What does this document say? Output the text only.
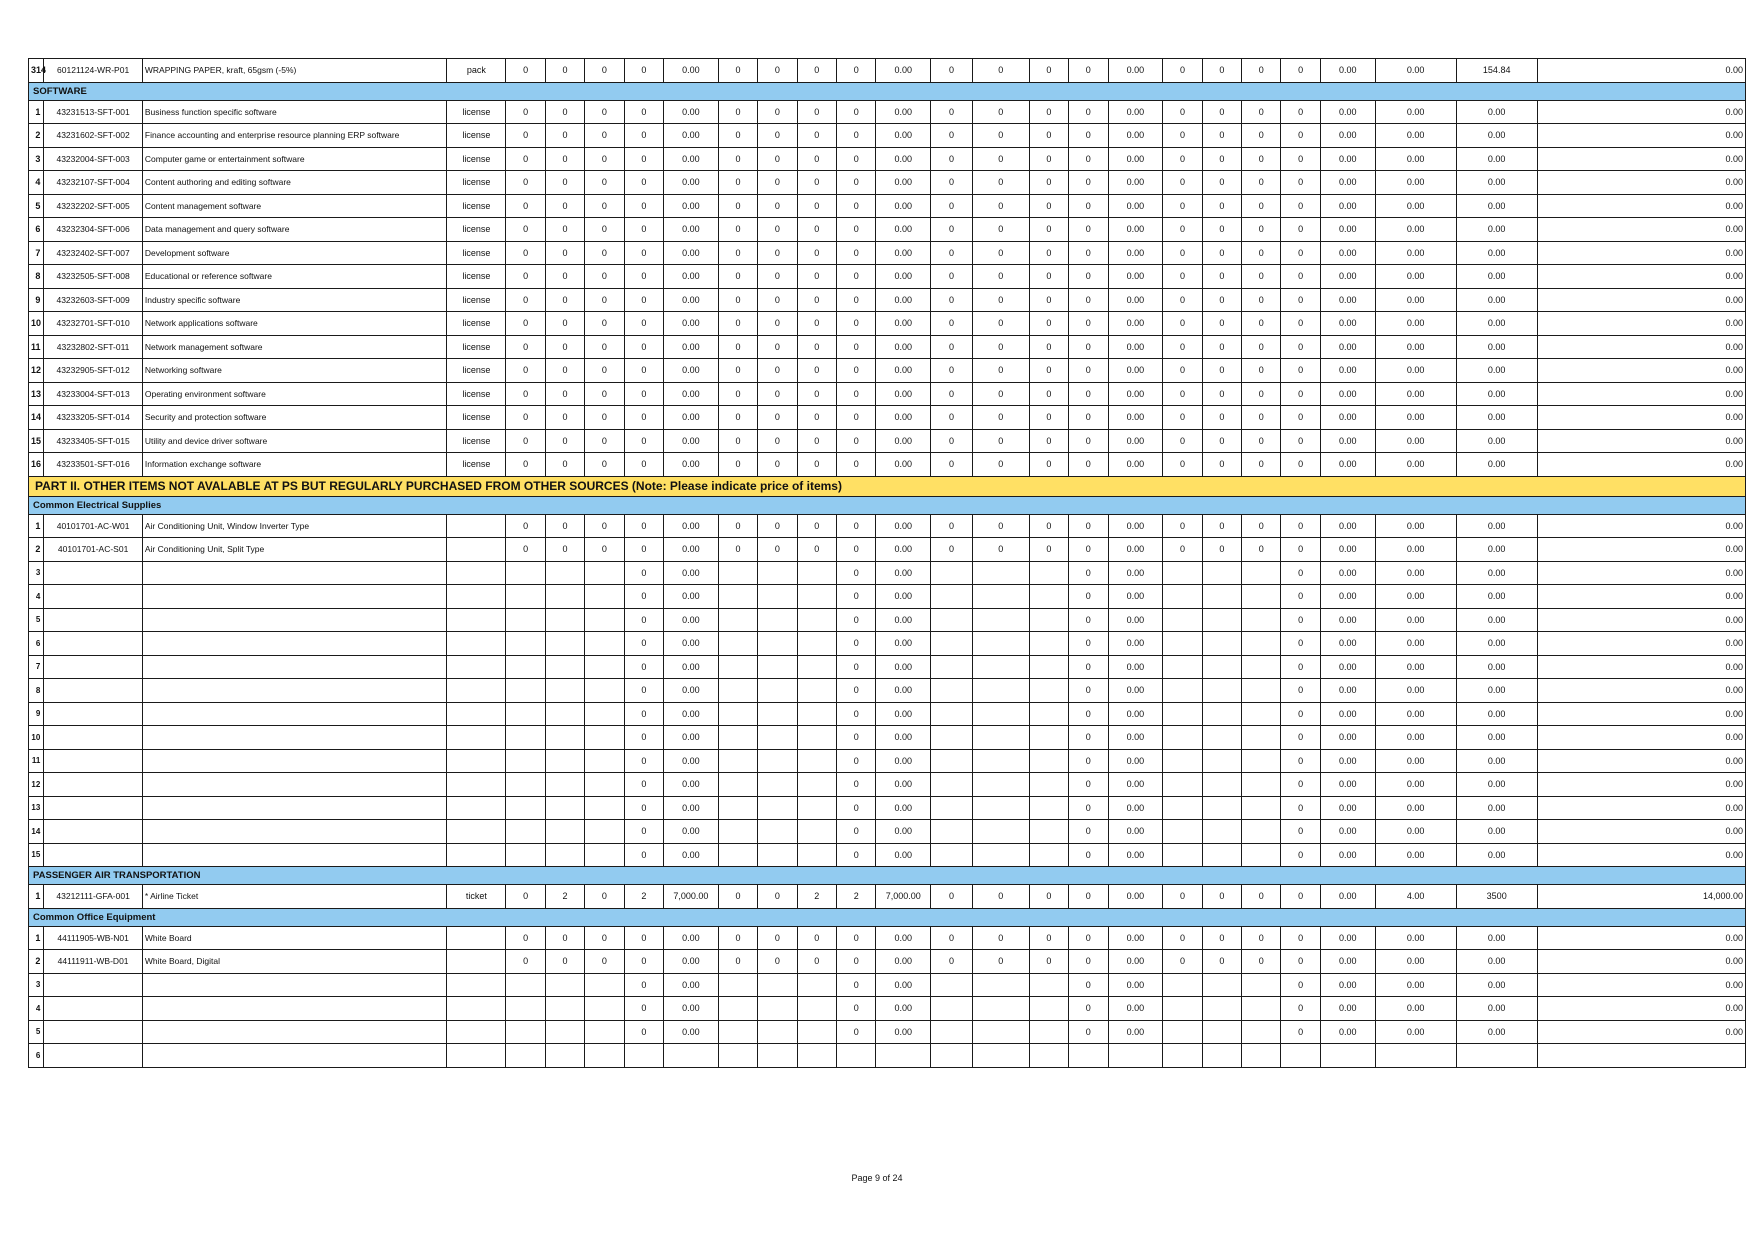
314	60121124-WR-P01	WRAPPING PAPER, kraft, 65gsm (-5%)	pack	0	0	0	0	0.00	0	0	0	0	0.00	0	0	0	0	0.00	0	0	0	0	0.00	0.00	154.84	0.00
SOFTWARE																										
1	43231513-SFT-001	Business function specific software	license	0	0	0	0	0.00	0	0	0	0	0.00	0	0	0	0	0.00	0	0	0	0	0.00	0.00	0.00	0.00
2	43231602-SFT-002	Finance accounting and enterprise resource planning ERP software	license	0	0	0	0	0.00	0	0	0	0	0.00	0	0	0	0	0.00	0	0	0	0	0.00	0.00	0.00	0.00
3	43232004-SFT-003	Computer game or entertainment software	license	0	0	0	0	0.00	0	0	0	0	0.00	0	0	0	0	0.00	0	0	0	0	0.00	0.00	0.00	0.00
4	43232107-SFT-004	Content authoring and editing software	license	0	0	0	0	0.00	0	0	0	0	0.00	0	0	0	0	0.00	0	0	0	0	0.00	0.00	0.00	0.00
5	43232202-SFT-005	Content management software	license	0	0	0	0	0.00	0	0	0	0	0.00	0	0	0	0	0.00	0	0	0	0	0.00	0.00	0.00	0.00
6	43232304-SFT-006	Data management and query software	license	0	0	0	0	0.00	0	0	0	0	0.00	0	0	0	0	0.00	0	0	0	0	0.00	0.00	0.00	0.00
7	43232402-SFT-007	Development software	license	0	0	0	0	0.00	0	0	0	0	0.00	0	0	0	0	0.00	0	0	0	0	0.00	0.00	0.00	0.00
8	43232505-SFT-008	Educational or reference software	license	0	0	0	0	0.00	0	0	0	0	0.00	0	0	0	0	0.00	0	0	0	0	0.00	0.00	0.00	0.00
9	43232603-SFT-009	Industry specific software	license	0	0	0	0	0.00	0	0	0	0	0.00	0	0	0	0	0.00	0	0	0	0	0.00	0.00	0.00	0.00
10	43232701-SFT-010	Network applications software	license	0	0	0	0	0.00	0	0	0	0	0.00	0	0	0	0	0.00	0	0	0	0	0.00	0.00	0.00	0.00
11	43232802-SFT-011	Network management software	license	0	0	0	0	0.00	0	0	0	0	0.00	0	0	0	0	0.00	0	0	0	0	0.00	0.00	0.00	0.00
12	43232905-SFT-012	Networking software	license	0	0	0	0	0.00	0	0	0	0	0.00	0	0	0	0	0.00	0	0	0	0	0.00	0.00	0.00	0.00
13	43233004-SFT-013	Operating environment software	license	0	0	0	0	0.00	0	0	0	0	0.00	0	0	0	0	0.00	0	0	0	0	0.00	0.00	0.00	0.00
14	43233205-SFT-014	Security and protection software	license	0	0	0	0	0.00	0	0	0	0	0.00	0	0	0	0	0.00	0	0	0	0	0.00	0.00	0.00	0.00
15	43233405-SFT-015	Utility and device driver software	license	0	0	0	0	0.00	0	0	0	0	0.00	0	0	0	0	0.00	0	0	0	0	0.00	0.00	0.00	0.00
16	43233501-SFT-016	Information exchange software	license	0	0	0	0	0.00	0	0	0	0	0.00	0	0	0	0	0.00	0	0	0	0	0.00	0.00	0.00	0.00
PART II. OTHER ITEMS NOT AVALABLE AT PS BUT REGULARLY PURCHASED FROM OTHER SOURCES (Note: Please indicate price of items)																										
Common Electrical Supplies																										
1	40101701-AC-W01	Air Conditioning Unit, Window Inverter Type		0	0	0	0	0.00	0	0	0	0	0.00	0	0	0	0	0.00	0	0	0	0	0.00	0.00	0.00	0.00
2	40101701-AC-S01	Air Conditioning Unit, Split Type		0	0	0	0	0.00	0	0	0	0	0.00	0	0	0	0	0.00	0	0	0	0	0.00	0.00	0.00	0.00
3							0	0.00				0	0.00				0	0.00				0	0.00	0.00	0.00	0.00
4							0	0.00				0	0.00				0	0.00				0	0.00	0.00	0.00	0.00
5							0	0.00				0	0.00				0	0.00				0	0.00	0.00	0.00	0.00
6							0	0.00				0	0.00				0	0.00				0	0.00	0.00	0.00	0.00
7							0	0.00				0	0.00				0	0.00				0	0.00	0.00	0.00	0.00
8							0	0.00				0	0.00				0	0.00				0	0.00	0.00	0.00	0.00
9							0	0.00				0	0.00				0	0.00				0	0.00	0.00	0.00	0.00
10							0	0.00				0	0.00				0	0.00				0	0.00	0.00	0.00	0.00
11							0	0.00				0	0.00				0	0.00				0	0.00	0.00	0.00	0.00
12							0	0.00				0	0.00				0	0.00				0	0.00	0.00	0.00	0.00
13							0	0.00				0	0.00				0	0.00				0	0.00	0.00	0.00	0.00
14							0	0.00				0	0.00				0	0.00				0	0.00	0.00	0.00	0.00
15							0	0.00				0	0.00				0	0.00				0	0.00	0.00	0.00	0.00
PASSENGER AIR TRANSPORTATION																										
1	43212111-GFA-001	* Airline Ticket	ticket	0	2	0	2	7,000.00	0	0	2	2	7,000.00	0	0	0	0	0.00	0	0	0	0	0.00	4.00	3500	14,000.00
Common Office Equipment																										
1	44111905-WB-N01	White Board		0	0	0	0	0.00	0	0	0	0	0.00	0	0	0	0	0.00	0	0	0	0	0.00	0.00	0.00	0.00
2	44111911-WB-D01	White Board, Digital		0	0	0	0	0.00	0	0	0	0	0.00	0	0	0	0	0.00	0	0	0	0	0.00	0.00	0.00	0.00
3							0	0.00				0	0.00				0	0.00				0	0.00	0.00	0.00	0.00
4							0	0.00				0	0.00				0	0.00				0	0.00	0.00	0.00	0.00
5							0	0.00				0	0.00				0	0.00				0	0.00	0.00	0.00	0.00
6																										
Page 9 of 24
